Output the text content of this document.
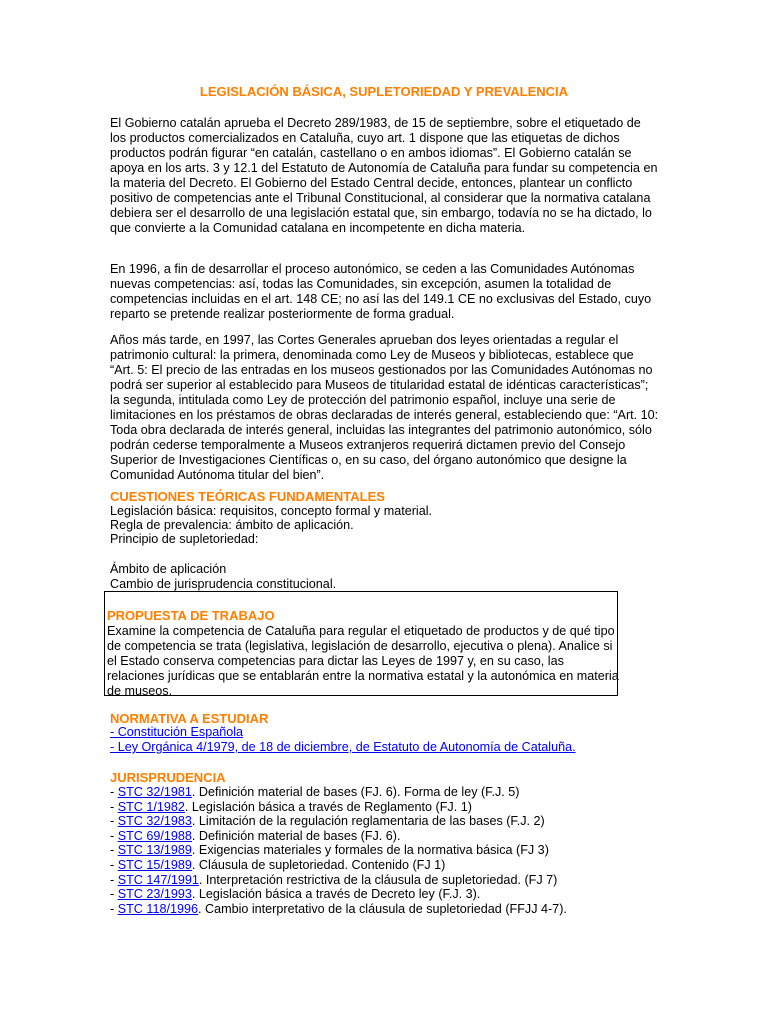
LEGISLACIÓN BÁSICA, SUPLETORIEDAD Y PREVALENCIA

El Gobierno catalán aprueba el Decreto 289/1983, de 15 de septiembre, sobre el etiquetado de los productos comercializados en Cataluña, cuyo art. 1 dispone que las etiquetas de dichos productos podrán figurar “en catalán, castellano o en ambos idiomas”. El Gobierno catalán se apoya en los arts. 3 y 12.1 del Estatuto de Autonomía de Cataluña para fundar su competencia en la materia del Decreto. El Gobierno del Estado Central decide, entonces, plantear un conflicto positivo de competencias ante el Tribunal Constitucional, al considerar que la normativa catalana debiera ser el desarrollo de una legislación estatal que, sin embargo, todavía no se ha dictado, lo que convierte a la Comunidad catalana en incompetente en dicha materia.

En 1996, a fin de desarrollar el proceso autonómico, se ceden a las Comunidades Autónomas nuevas competencias: así, todas las Comunidades, sin excepción, asumen la totalidad de competencias incluidas en el art. 148 CE; no así las del 149.1 CE no exclusivas del Estado, cuyo reparto se pretende realizar posteriormente de forma gradual.

Años más tarde, en 1997, las Cortes Generales aprueban dos leyes orientadas a regular el patrimonio cultural: la primera, denominada como Ley de Museos y bibliotecas, establece que “Art. 5: El precio de las entradas en los museos gestionados por las Comunidades Autónomas no podrá ser superior al establecido para Museos de titularidad estatal de idénticas características”; la segunda, intitulada como Ley de protección del patrimonio español, incluye una serie de limitaciones en los préstamos de obras declaradas de interés general, estableciendo que: “Art. 10: Toda obra declarada de interés general, incluidas las integrantes del patrimonio autonómico, sólo podrán cederse temporalmente a Museos extranjeros requerirá dictamen previo del Consejo Superior de Investigaciones Científicas o, en su caso, del órgano autonómico que designe la Comunidad Autónoma titular del bien”.

CUESTIONES TEÓRICAS FUNDAMENTALES
Legislación básica: requisitos, concepto formal y material.
Regla de prevalencia: ámbito de aplicación.
Principio de supletoriedad:
Ámbito de aplicación
Cambio de jurisprudencia constitucional.
PROPUESTA DE TRABAJO

Examine la competencia de Cataluña para regular el etiquetado de productos y de qué tipo de competencia se trata (legislativa, legislación de desarrollo, ejecutiva o plena). Analice si el Estado conserva competencias para dictar las Leyes de 1997 y, en su caso, las relaciones jurídicas que se entablarán entre la normativa estatal y la autonómica en materia de museos.

NORMATIVA A ESTUDIAR
- Constitución Española
- Ley Orgánica 4/1979, de 18 de diciembre, de Estatuto de Autonomía de Cataluña.
JURISPRUDENCIA
- STC 32/1981. Definición material de bases (FJ. 6). Forma de ley (F.J. 5)
- STC 1/1982. Legislación básica a través de Reglamento (FJ. 1)
- STC 32/1983. Limitación de la regulación reglamentaria de las bases (F.J. 2)
- STC 69/1988. Definición material de bases (FJ. 6).
- STC 13/1989. Exigencias materiales y formales de la normativa básica (FJ 3)
- STC 15/1989. Cláusula de supletoriedad. Contenido (FJ 1)
- STC 147/1991. Interpretación restrictiva de la cláusula de supletoriedad. (FJ 7)
- STC 23/1993. Legislación básica a través de Decreto ley (F.J. 3).
- STC 118/1996. Cambio interpretativo de la cláusula de supletoriedad (FFJJ 4-7).
